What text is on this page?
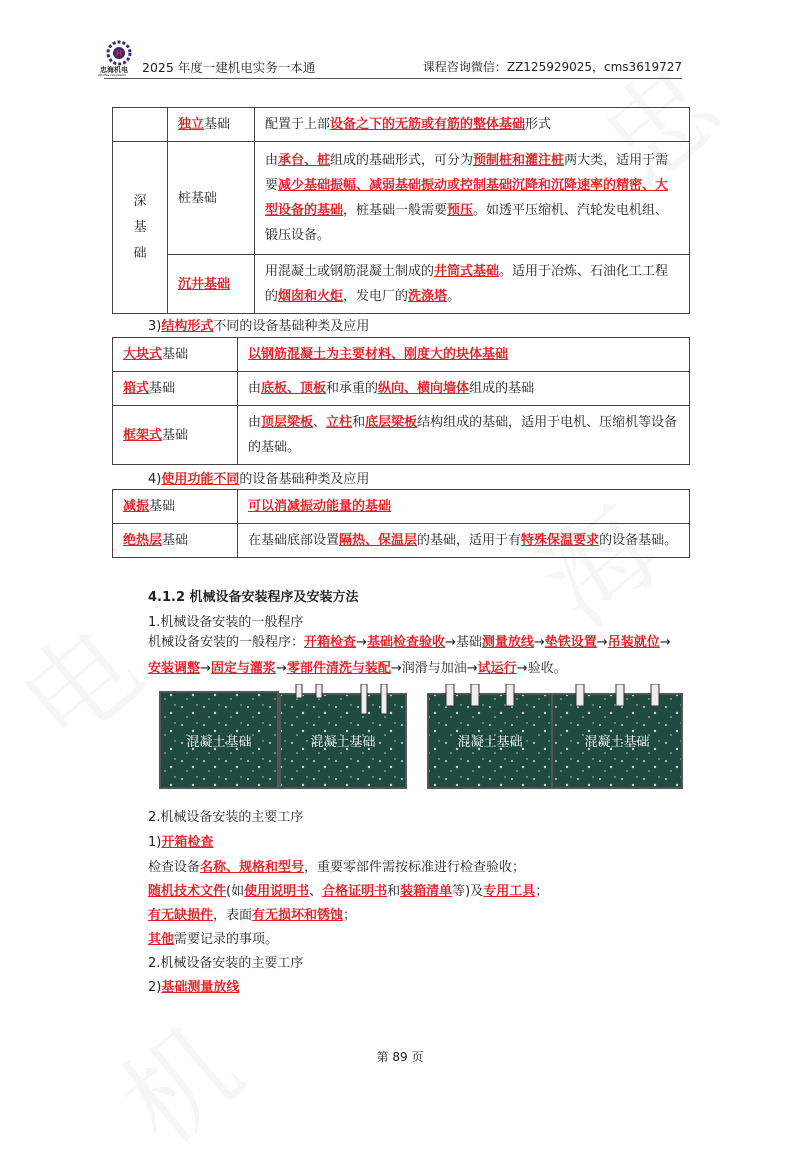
H
忠海机电
ZHONG HAI JIDIAN 2025 年度一建机电实务一本通	课程咨询微信：ZZ125929025，cms3619727
	独立基础	配置于上部设备之下的无筋或有筋的整体基础形式

深
基
础	桩基础	由承台、桩组成的基础形式，可分为预制桩和灌注桩两大类，适用于需要减少基础振幅、减弱基础振动或控制基础沉降和沉降速率的精密、大型设备的基础，桩基础一般需要预压。如透平压缩机、汽轮发电机组、锻压设备。
	沉井基础	用混凝土或钢筋混凝土制成的井筒式基础。适用于冶炼、石油化工工程的烟囱和火炬，发电厂的洗涤塔。
3)结构形式不同的设备基础种类及应用
大块式基础	以钢筋混凝土为主要材料、刚度大的块体基础
箱式基础	由底板、顶板和承重的纵向、横向墙体组成的基础
框架式基础	由顶层梁板、立柱和底层梁板结构组成的基础，适用于电机、压缩机等设备的基础。
4)使用功能不同的设备基础种类及应用
减振基础	可以消减振动能量的基础
绝热层基础	在基础底部设置隔热、保温层的基础，适用于有特殊保温要求的设备基础。
4.1.2 机械设备安装程序及安装方法
1.机械设备安装的一般程序
机械设备安装的一般程序：开箱检查→基础检查验收→基础测量放线→垫铁设置→吊装就位→安装调整→固定与灌浆→零部件清洗与装配→润滑与加油→试运行→验收。
混凝土基础	混凝土基础	混凝土基础	混凝土基础
2.机械设备安装的主要工序
1)开箱检查
检查设备名称、规格和型号，重要零部件需按标准进行检查验收；
随机技术文件(如使用说明书、合格证明书和装箱清单等)及专用工具；
有无缺损件，表面有无损坏和锈蚀；
其他需要记录的事项。
2.机械设备安装的主要工序
2)基础测量放线
第 89 页
